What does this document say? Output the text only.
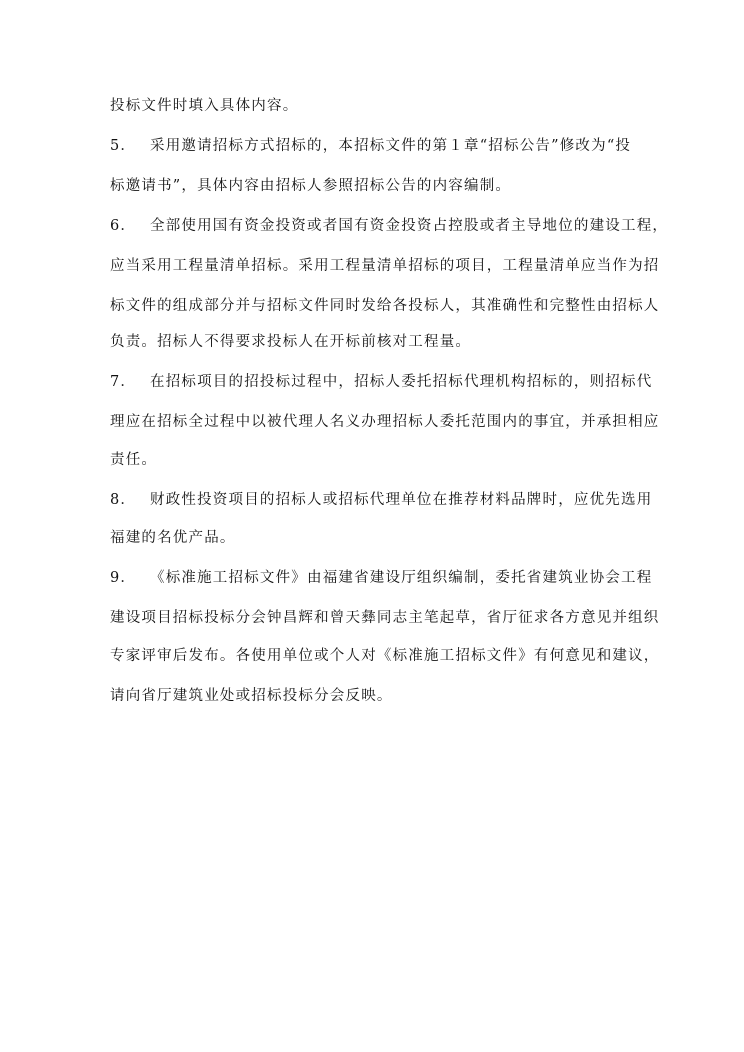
投标文件时填入具体内容。
5． 采用邀请招标方式招标的，本招标文件的第１章“招标公告”修改为“投
标邀请书”，具体内容由招标人参照招标公告的内容编制。
6． 全部使用国有资金投资或者国有资金投资占控股或者主导地位的建设工程，
应当采用工程量清单招标。采用工程量清单招标的项目，工程量清单应当作为招
标文件的组成部分并与招标文件同时发给各投标人，其准确性和完整性由招标人
负责。招标人不得要求投标人在开标前核对工程量。
7． 在招标项目的招投标过程中，招标人委托招标代理机构招标的，则招标代
理应在招标全过程中以被代理人名义办理招标人委托范围内的事宜，并承担相应
责任。
8． 财政性投资项目的招标人或招标代理单位在推荐材料品牌时，应优先选用
福建的名优产品。
9． 《标准施工招标文件》由福建省建设厅组织编制，委托省建筑业协会工程
建设项目招标投标分会钟昌辉和曾天彝同志主笔起草，省厅征求各方意见并组织
专家评审后发布。各使用单位或个人对《标准施工招标文件》有何意见和建议，
请向省厅建筑业处或招标投标分会反映。
